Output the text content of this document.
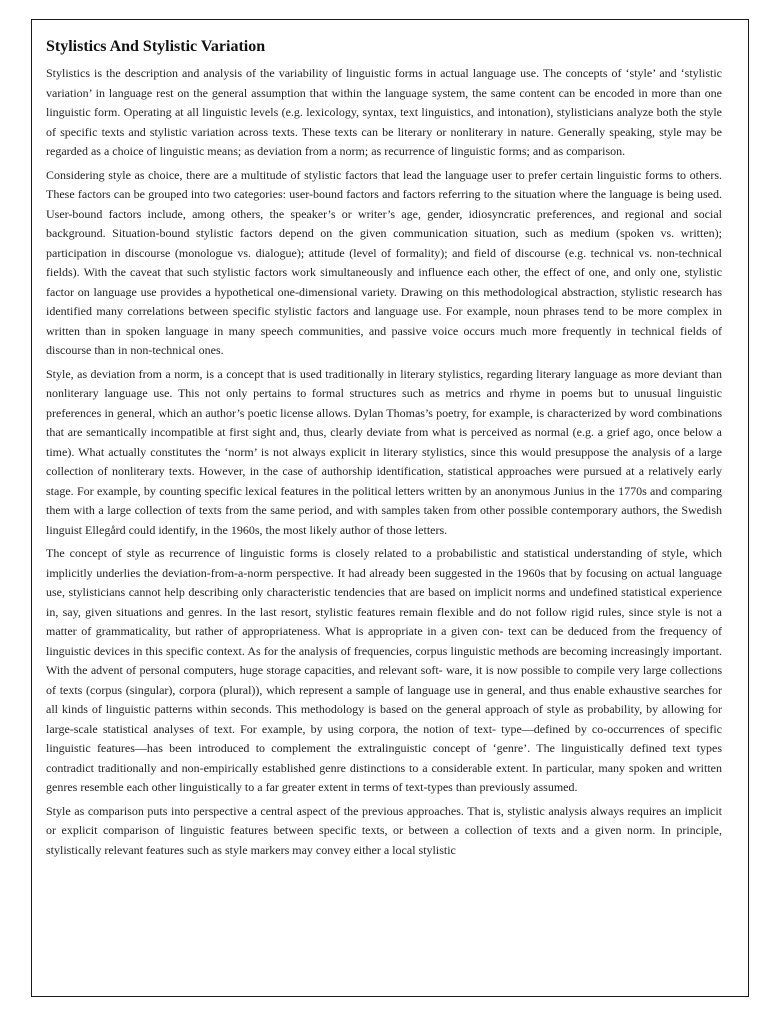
Stylistics And Stylistic Variation

Stylistics is the description and analysis of the variability of linguistic forms in actual language use. The concepts of ‘style’ and ‘stylistic variation’ in language rest on the general assumption that within the language system, the same content can be encoded in more than one linguistic form. Operating at all linguistic levels (e.g. lexicology, syntax, text linguistics, and intonation), stylisticians analyze both the style of specific texts and stylistic variation across texts. These texts can be literary or nonliterary in nature. Generally speaking, style may be regarded as a choice of linguistic means; as deviation from a norm; as recurrence of linguistic forms; and as comparison.

Considering style as choice, there are a multitude of stylistic factors that lead the language user to prefer certain linguistic forms to others. These factors can be grouped into two categories: user-bound factors and factors referring to the situation where the language is being used. User-bound factors include, among others, the speaker’s or writer’s age, gender, idiosyncratic preferences, and regional and social background. Situation-bound stylistic factors depend on the given communication situation, such as medium (spoken vs. written); participation in discourse (monologue vs. dialogue); attitude (level of formality); and field of discourse (e.g. technical vs. non-technical fields). With the caveat that such stylistic factors work simultaneously and influence each other, the effect of one, and only one, stylistic factor on language use provides a hypothetical one-dimensional variety. Drawing on this methodological abstraction, stylistic research has identified many correlations between specific stylistic factors and language use. For example, noun phrases tend to be more complex in written than in spoken language in many speech communities, and passive voice occurs much more frequently in technical fields of discourse than in non-technical ones.

Style, as deviation from a norm, is a concept that is used traditionally in literary stylistics, regarding literary language as more deviant than nonliterary language use. This not only pertains to formal structures such as metrics and rhyme in poems but to unusual linguistic preferences in general, which an author’s poetic license allows. Dylan Thomas’s poetry, for example, is characterized by word combinations that are semantically incompatible at first sight and, thus, clearly deviate from what is perceived as normal (e.g. a grief ago, once below a time). What actually constitutes the ‘norm’ is not always explicit in literary stylistics, since this would presuppose the analysis of a large collection of nonliterary texts. However, in the case of authorship identification, statistical approaches were pursued at a relatively early stage. For example, by counting specific lexical features in the political letters written by an anonymous Junius in the 1770s and comparing them with a large collection of texts from the same period, and with samples taken from other possible contemporary authors, the Swedish linguist Ellegård could identify, in the 1960s, the most likely author of those letters.

The concept of style as recurrence of linguistic forms is closely related to a probabilistic and statistical understanding of style, which implicitly underlies the deviation-from-a-norm perspective. It had already been suggested in the 1960s that by focusing on actual language use, stylisticians cannot help describing only characteristic tendencies that are based on implicit norms and undefined statistical experience in, say, given situations and genres. In the last resort, stylistic features remain flexible and do not follow rigid rules, since style is not a matter of grammaticality, but rather of appropriateness. What is appropriate in a given con- text can be deduced from the frequency of linguistic devices in this specific context. As for the analysis of frequencies, corpus linguistic methods are becoming increasingly important. With the advent of personal computers, huge storage capacities, and relevant soft- ware, it is now possible to compile very large collections of texts (corpus (singular), corpora (plural)), which represent a sample of language use in general, and thus enable exhaustive searches for all kinds of linguistic patterns within seconds. This methodology is based on the general approach of style as probability, by allowing for large-scale statistical analyses of text. For example, by using corpora, the notion of text- type—defined by co-occurrences of specific linguistic features—has been introduced to complement the extralinguistic concept of ‘genre’. The linguistically defined text types contradict traditionally and non-empirically established genre distinctions to a considerable extent. In particular, many spoken and written genres resemble each other linguistically to a far greater extent in terms of text-types than previously assumed.

Style as comparison puts into perspective a central aspect of the previous approaches. That is, stylistic analysis always requires an implicit or explicit comparison of linguistic features between specific texts, or between a collection of texts and a given norm. In principle, stylistically relevant features such as style markers may convey either a local stylistic
